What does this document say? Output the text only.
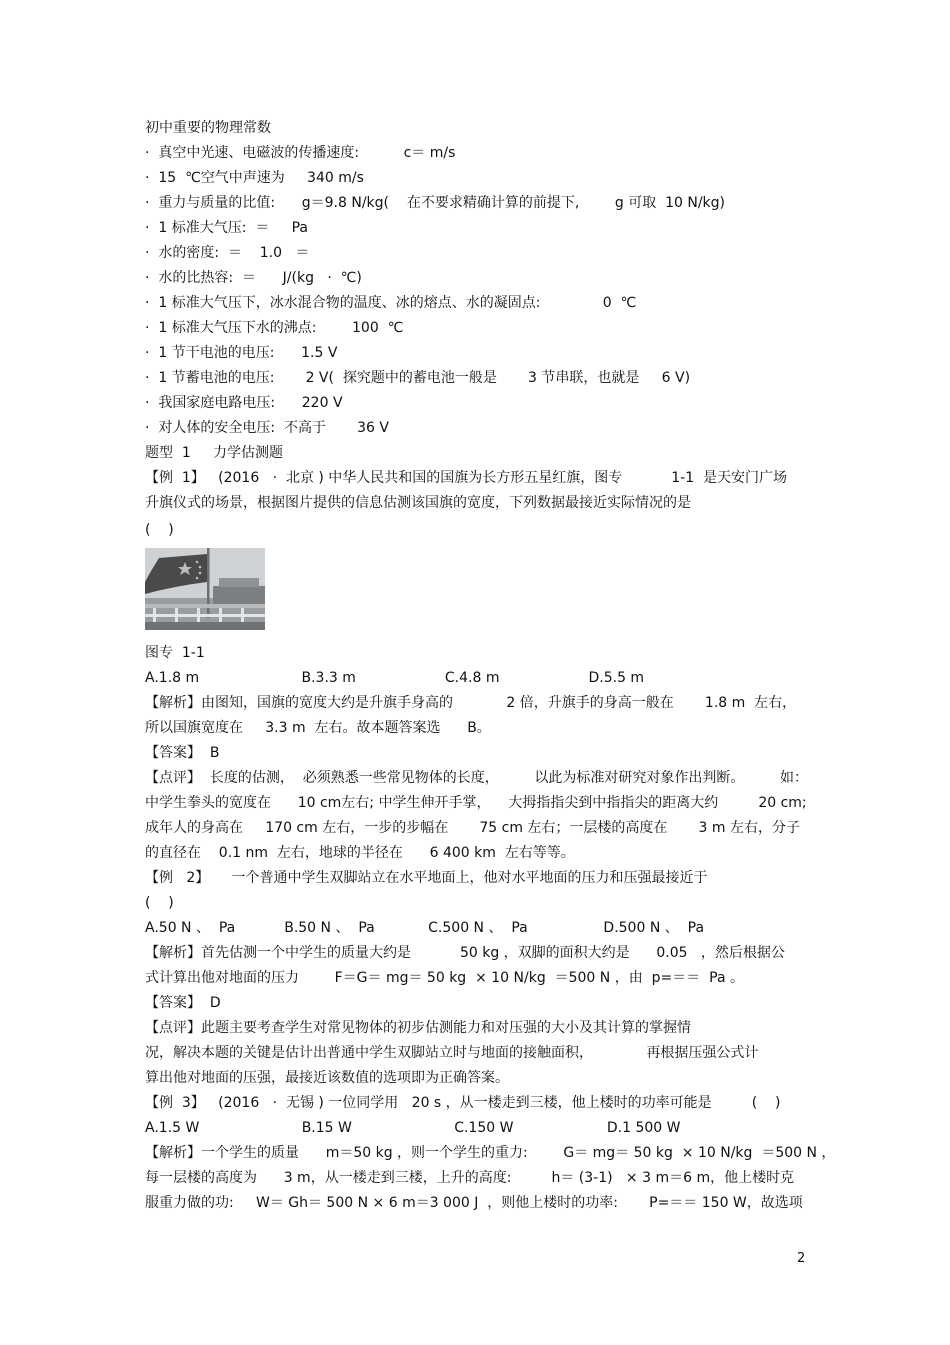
初中重要的物理常数
·  真空中光速、电磁波的传播速度:          c＝ m/s
·  15  ℃空气中声速为     340 m/s
·  重力与质量的比值:      g＝9.8 N/kg(    在不要求精确计算的前提下,        g 可取  10 N/kg)
·  1 标准大气压:  ＝     Pa
·  水的密度:  ＝    1.0   ＝
·  水的比热容:  ＝      J/(kg   ·  ℃)
·  1 标准大气压下，冰水混合物的温度、冰的熔点、水的凝固点:              0  ℃
·  1 标准大气压下水的沸点:        100  ℃
·  1 节干电池的电压:      1.5 V
·  1 节蓄电池的电压:       2 V(  探究题中的蓄电池一般是       3 节串联，也就是     6 V)
·  我国家庭电路电压:      220 V
·  对人体的安全电压:  不高于       36 V
题型  1     力学估测题
【例  1】   (2016   ·  北京 ) 中华人民共和国的国旗为长方形五星红旗，图专           1-1  是天安门广场
升旗仪式的场景，根据图片提供的信息估测该国旗的宽度，下列数据最接近实际情况的是
(    )
图专  1-1
A.1.8 m                       B.3.3 m                    C.4.8 m                    D.5.5 m
【解析】由图知，国旗的宽度大约是升旗手身高的            2 倍，升旗手的身高一般在       1.8 m  左右，
所以国旗宽度在     3.3 m  左右。故本题答案选      B。
【答案】  B
【点评】  长度的估测，  必须熟悉一些常见物体的长度，        以此为标准对研究对象作出判断。        如：
中学生拳头的宽度在      10 cm左右; 中学生伸开手掌，    大拇指指尖到中指指尖的距离大约         20 cm;
成年人的身高在     170 cm 左右，一步的步幅在       75 cm 左右；一层楼的高度在       3 m 左右，分子
的直径在    0.1 nm  左右，地球的半径在      6 400 km  左右等等。
【例   2】     一个普通中学生双脚站立在水平地面上，他对水平地面的压力和压强最接近于
(    )
A.50 N 、  Pa           B.50 N 、  Pa            C.500 N 、  Pa                 D.500 N 、  Pa
【解析】首先估测一个中学生的质量大约是           50 kg ，双脚的面积大约是      0.05   ，然后根据公
式计算出他对地面的压力        F＝G＝ mg＝ 50 kg  × 10 N/kg  ＝500 N ，由  p=＝＝  Pa 。
【答案】  D
【点评】此题主要考查学生对常见物体的初步估测能力和对压强的大小及其计算的掌握情
况，解决本题的关键是估计出普通中学生双脚站立时与地面的接触面积，            再根据压强公式计
算出他对地面的压强，最接近该数值的选项即为正确答案。
【例  3】   (2016   ·  无锡 ) 一位同学用   20 s ，从一楼走到三楼，他上楼时的功率可能是         (    )
A.1.5 W                       B.15 W                       C.150 W                     D.1 500 W
【解析】一个学生的质量      m＝50 kg ，则一个学生的重力:        G＝ mg＝ 50 kg  × 10 N/kg  ＝500 N ，
每一层楼的高度为      3 m，从一楼走到三楼，上升的高度:         h＝ (3-1)   × 3 m＝6 m，他上楼时克
服重力做的功:     W＝ Gh＝ 500 N × 6 m＝3 000 J  ，则他上楼时的功率:       P=＝＝ 150 W，故选项
2
